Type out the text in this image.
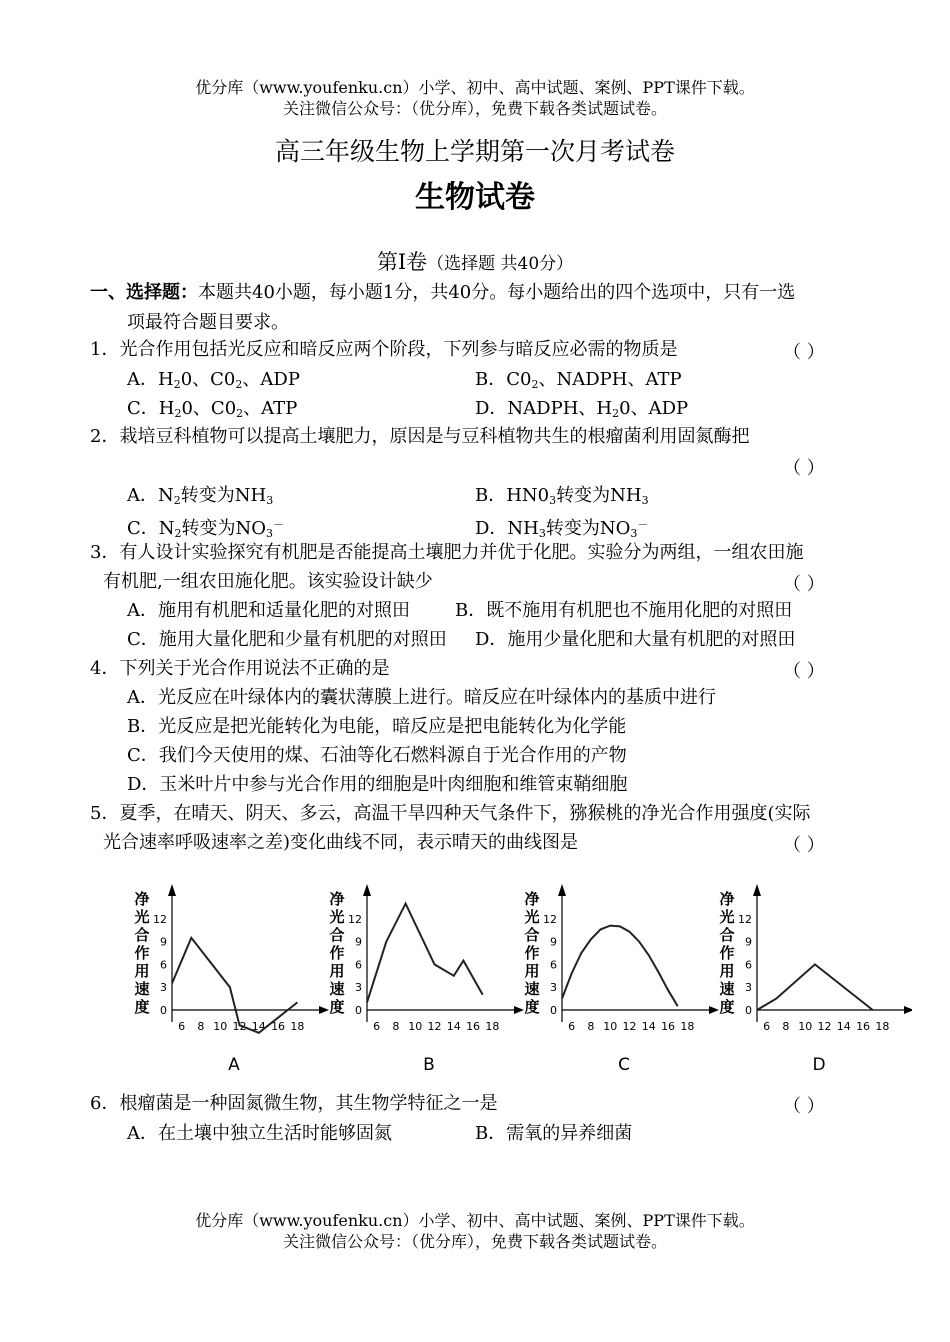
优分库（www.youfenku.cn）小学、初中、高中试题、案例、PPT课件下载。
关注微信公众号：（优分库），免费下载各类试题试卷。
高三年级生物上学期第一次月考试卷
生物试卷
第Ⅰ卷（选择题 共40分）
一、选择题：本题共40小题，每小题1分，共40分。每小题给出的四个选项中，只有一选
项最符合题目要求。
1．光合作用包括光反应和暗反应两个阶段，下列参与暗反应必需的物质是	（ ）
A．$H_20$、$C0_2$、ADP	B．$C0_2$、NADPH、ATP
C．$H_20$、$C0_2$、ATP	D．NADPH、$H_20$、ADP
2．栽培豆科植物可以提高土壤肥力，原因是与豆科植物共生的根瘤菌利用固氮酶把
（ ）
A．$N_2$转变为$NH_3$	B．$HN0_3$转变为$NH_3$
C．$N_2$转变为$NO_3^-$	D．$NH_3$转变为$NO_3^-$
3．有人设计实验探究有机肥是否能提高土壤肥力并优于化肥。实验分为两组，一组农田施
有机肥,一组农田施化肥。该实验设计缺少	（ ）
A．施用有机肥和适量化肥的对照田	B．既不施用有机肥也不施用化肥的对照田
C．施用大量化肥和少量有机肥的对照田 D．施用少量化肥和大量有机肥的对照田
4．下列关于光合作用说法不正确的是	（ ）
A．光反应在叶绿体内的囊状薄膜上进行。暗反应在叶绿体内的基质中进行
B．光反应是把光能转化为电能，暗反应是把电能转化为化学能
C．我们今天使用的煤、石油等化石燃料源自于光合作用的产物
D．玉米叶片中参与光合作用的细胞是叶肉细胞和维管束鞘细胞
5．夏季，在晴天、阴天、多云，高温干旱四种天气条件下，猕猴桃的净光合作用强度(实际
光合速率呼吸速率之差)变化曲线不同，表示晴天的曲线图是	（ ）
净
光
合
作
用
速
度 0
3
6
9
12
6 8 10 12 14 16 18
A
净
光
合
作
用
速
度 0
3
6
9
12
6 8 10 12 14 16 18
B
净
光
合
作
用
速
度 0
3
6
9
12
6 8 10 12 14 16 18
C
净
光
合
作
用
速
度 0
3
6
9
12
6 8 10 12 14 16 18
D
6．根瘤菌是一种固氮微生物，其生物学特征之一是	（ ）
A．在土壤中独立生活时能够固氮	B．需氧的异养细菌
优分库（www.youfenku.cn）小学、初中、高中试题、案例、PPT课件下载。
关注微信公众号：（优分库），免费下载各类试题试卷。
